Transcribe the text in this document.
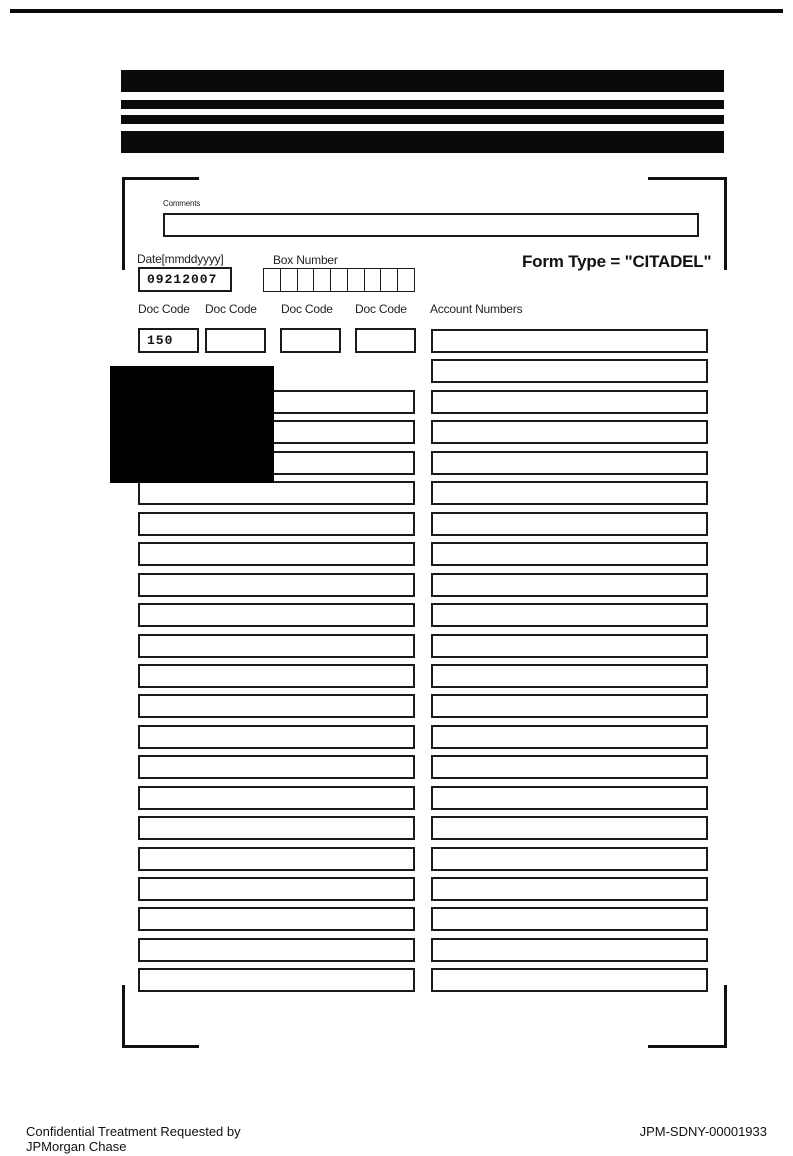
Comments
Date[mmddyyyy]
09212007
Box Number	Form Type = "CITADEL"
Doc Code Doc Code Doc Code Doc Code Account Numbers
150
Confidential Treatment Requested by
JPMorgan Chase
JPM-SDNY-00001933
